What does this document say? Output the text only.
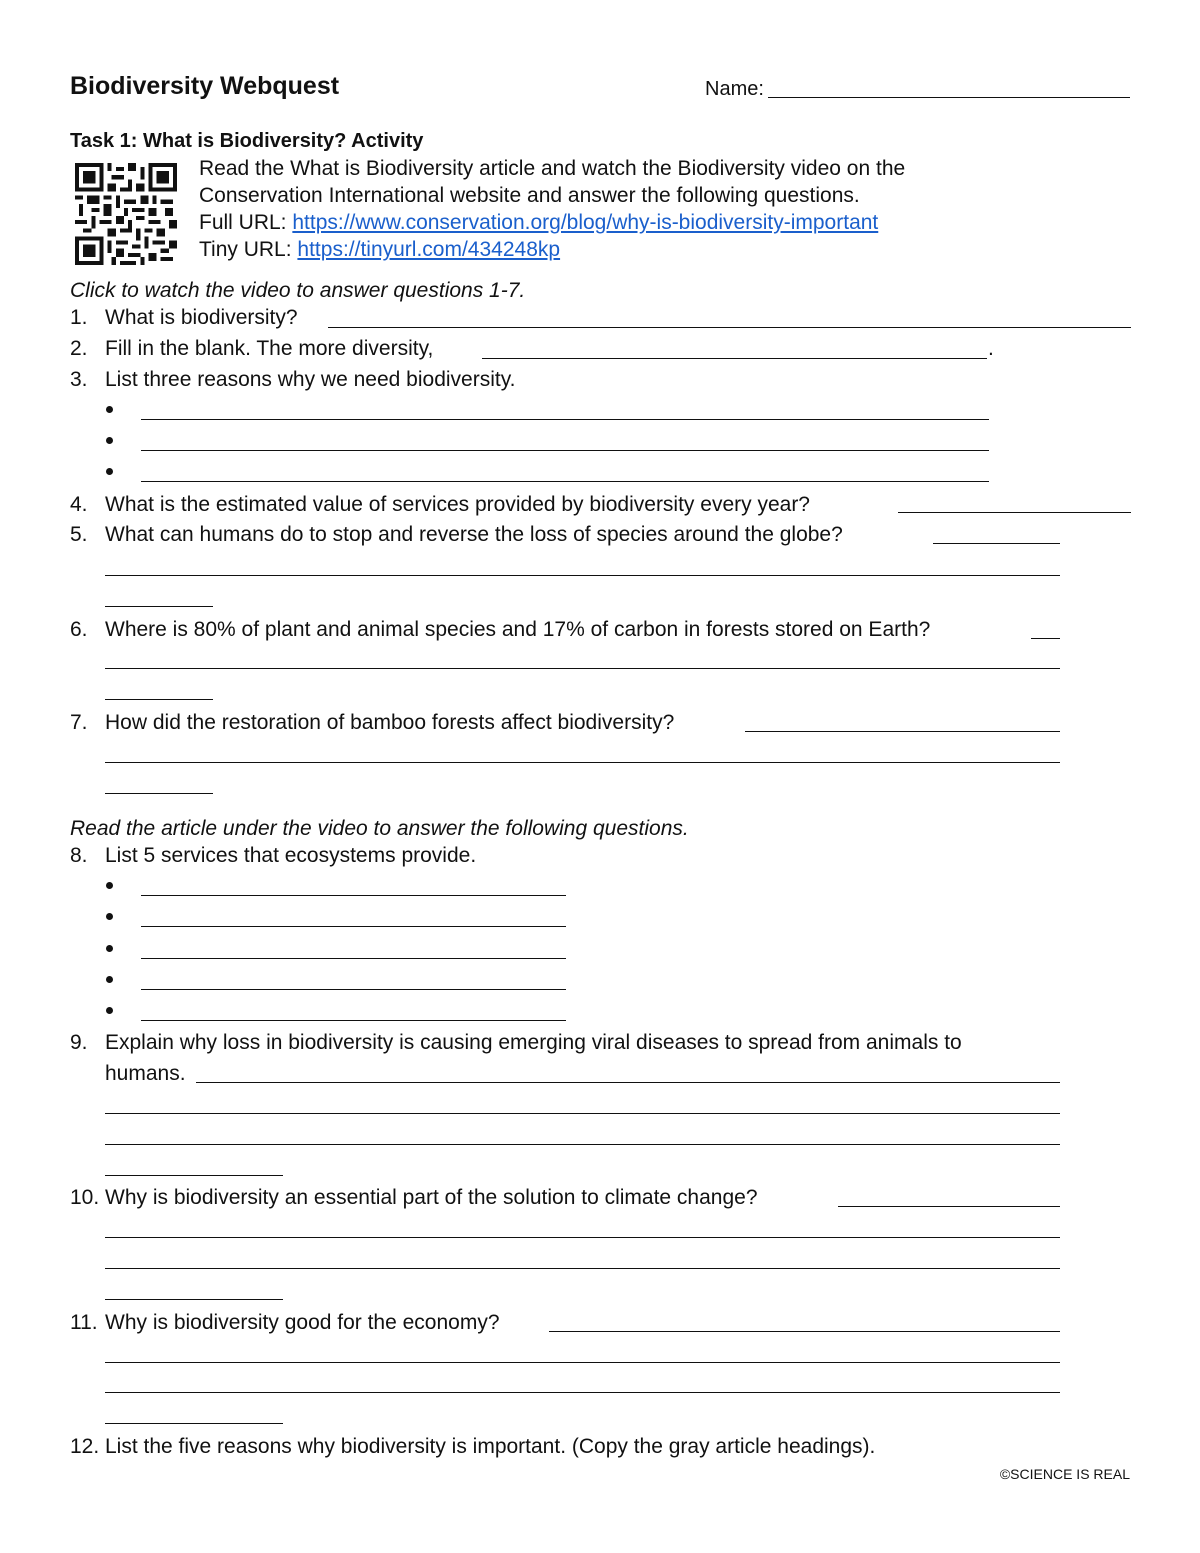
Biodiversity Webquest	Name:
Task 1: What is Biodiversity? Activity
Read the What is Biodiversity article and watch the Biodiversity video on the
Conservation International website and answer the following questions.
Full URL: https://www.conservation.org/blog/why-is-biodiversity-important
Tiny URL: https://tinyurl.com/434248kp
Click to watch the video to answer questions 1-7.
1. What is biodiversity?
2. Fill in the blank. The more diversity,	.
3. List three reasons why we need biodiversity.
4. What is the estimated value of services provided by biodiversity every year?
5. What can humans do to stop and reverse the loss of species around the globe?
6. Where is 80% of plant and animal species and 17% of carbon in forests stored on Earth?
7. How did the restoration of bamboo forests affect biodiversity?
Read the article under the video to answer the following questions.
8. List 5 services that ecosystems provide.
9. Explain why loss in biodiversity is causing emerging viral diseases to spread from animals to
humans.
10. Why is biodiversity an essential part of the solution to climate change?
11. Why is biodiversity good for the economy?
12. List the five reasons why biodiversity is important. (Copy the gray article headings).
©SCIENCE IS REAL
